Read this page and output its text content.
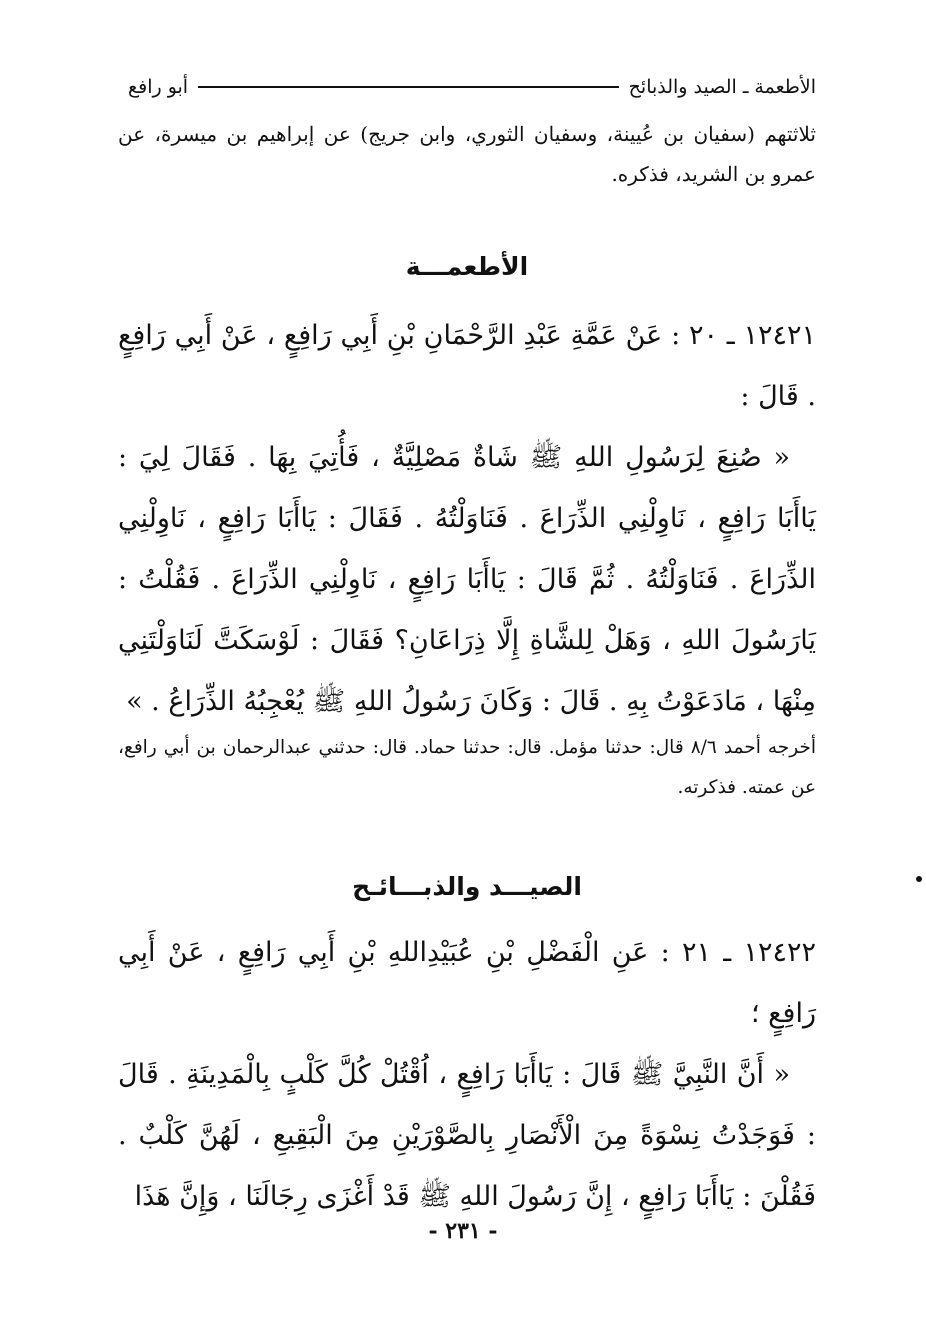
الأطعمة ـ الصيد والذبائح
أبو رافع

ثلاثتهم (سفيان بن عُيينة، وسفيان الثوري، وابن جريج) عن إبراهيم بن ميسرة، عن عمرو بن الشريد، فذكره.

الأطعمـــة
١٢٤٢١ ـ ٢٠ : عَنْ عَمَّةِ عَبْدِ الرَّحْمَانِ بْنِ أَبِي رَافِعٍ ، عَنْ أَبِي رَافِعٍ . قَالَ :
« صُنِعَ لِرَسُولِ اللهِ ﷺ شَاةٌ مَصْلِيَّةٌ ، فَأُتِيَ بِهَا . فَقَالَ لِيَ : يَاأَبَا رَافِعٍ ، نَاوِلْنِي الذِّرَاعَ . فَنَاوَلْتُهُ . فَقَالَ : يَاأَبَا رَافِعٍ ، نَاوِلْنِي الذِّرَاعَ . فَنَاوَلْتُهُ . ثُمَّ قَالَ : يَاأَبَا رَافِعٍ ، نَاوِلْنِي الذِّرَاعَ . فَقُلْتُ : يَارَسُولَ اللهِ ، وَهَلْ لِلشَّاةِ إِلَّا ذِرَاعَانِ؟ فَقَالَ : لَوْسَكَتَّ لَنَاوَلْتَنِي مِنْهَا ، مَادَعَوْتُ بِهِ . قَالَ : وَكَانَ رَسُولُ اللهِ ﷺ يُعْجِبُهُ الذِّرَاعُ . »

أخرجه أحمد ٨/٦ قال: حدثنا مؤمل. قال: حدثنا حماد. قال: حدثني عبدالرحمان بن أبي رافع، عن عمته. فذكرته.

الصيـــد والذبـــائـح
١٢٤٢٢ ـ ٢١ : عَنِ الْفَضْلِ بْنِ عُبَيْدِاللهِ بْنِ أَبِي رَافِعٍ ، عَنْ أَبِي رَافِعٍ ؛
« أَنَّ النَّبِيَّ ﷺ قَالَ : يَاأَبَا رَافِعٍ ، اُقْتُلْ كُلَّ كَلْبٍ بِالْمَدِينَةِ . قَالَ : فَوَجَدْتُ نِسْوَةً مِنَ الْأَنْصَارِ بِالصَّوْرَيْنِ مِنَ الْبَقِيعِ ، لَهُنَّ كَلْبٌ . فَقُلْنَ : يَاأَبَا رَافِعٍ ، إِنَّ رَسُولَ اللهِ ﷺ قَدْ أَغْزَى رِجَالَنَا ، وَإِنَّ هَذَا
- ٢٣١ -
